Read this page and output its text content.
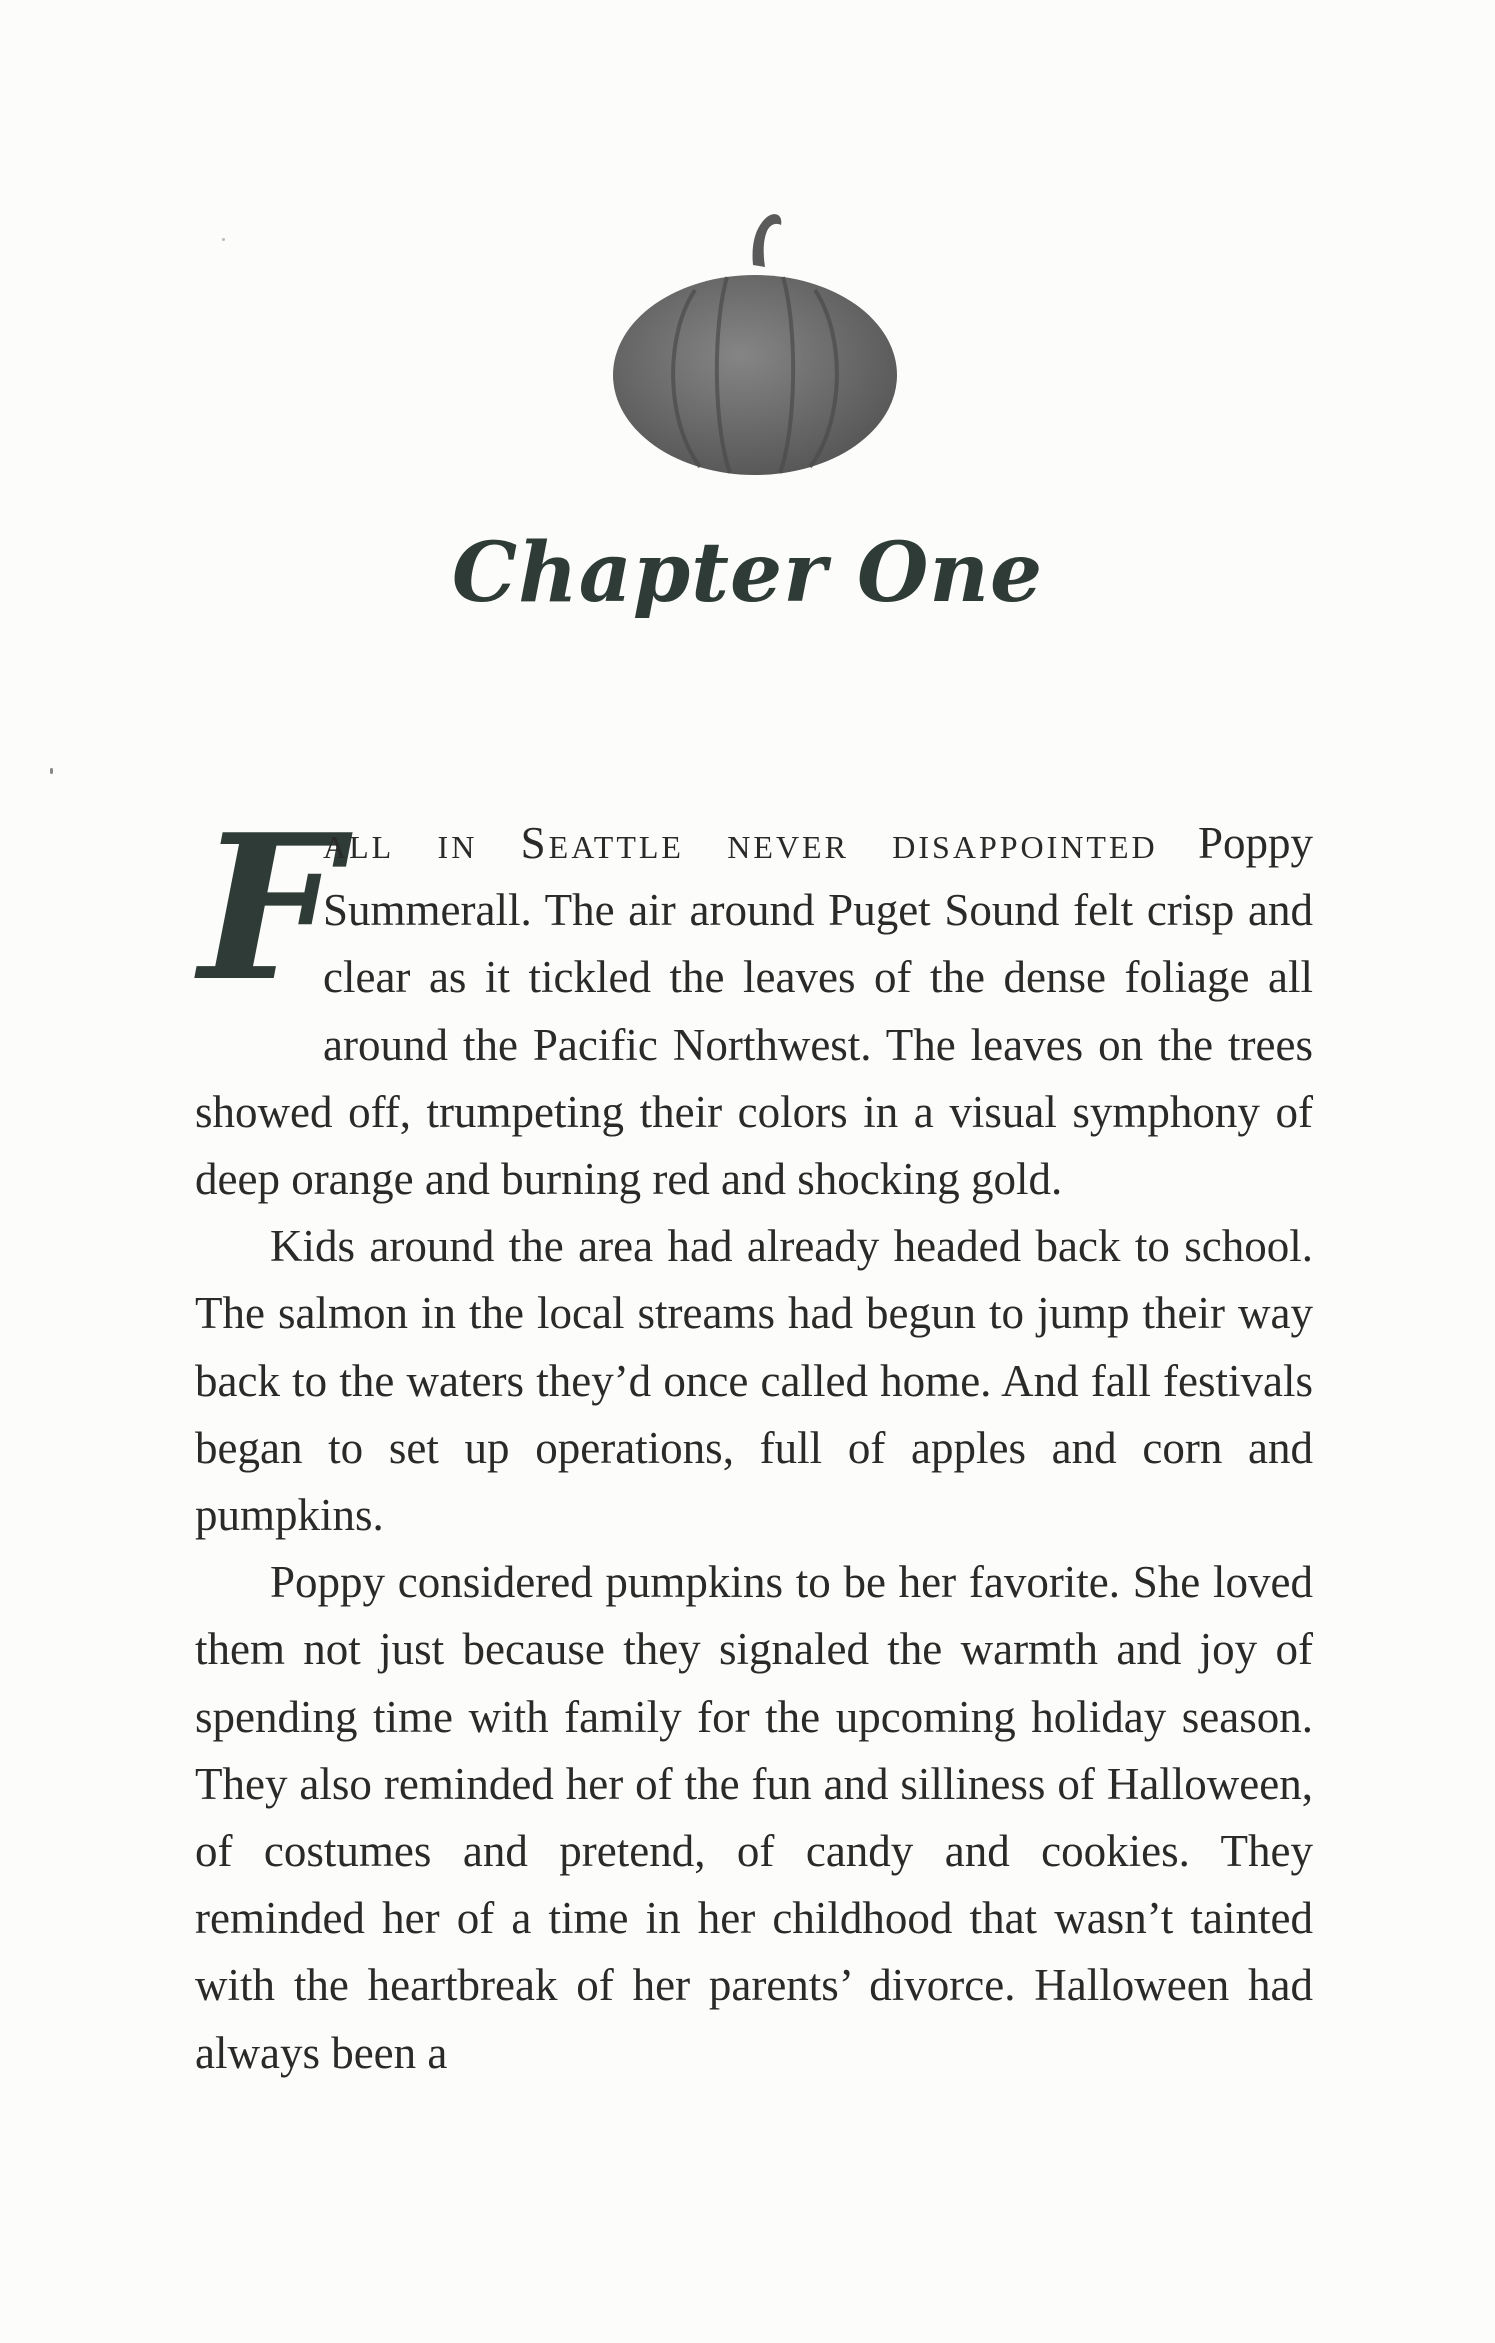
Chapter One

F
all in Seattle never disappointed Poppy Summerall. The air around Puget Sound felt crisp and clear as it tickled the leaves of the dense foliage all around the Pacific Northwest. The leaves on the trees showed off, trumpeting their colors in a visual symphony of deep orange and burning red and shocking gold.

Kids around the area had already headed back to school. The salmon in the local streams had begun to jump their way back to the waters they’d once called home. And fall festivals began to set up operations, full of apples and corn and pumpkins.

Poppy considered pumpkins to be her favorite. She loved them not just because they signaled the warmth and joy of spending time with family for the upcoming holiday season. They also reminded her of the fun and silliness of Halloween, of costumes and pretend, of candy and cookies. They reminded her of a time in her childhood that wasn’t tainted with the heartbreak of her parents’ divorce. Halloween had always been a
